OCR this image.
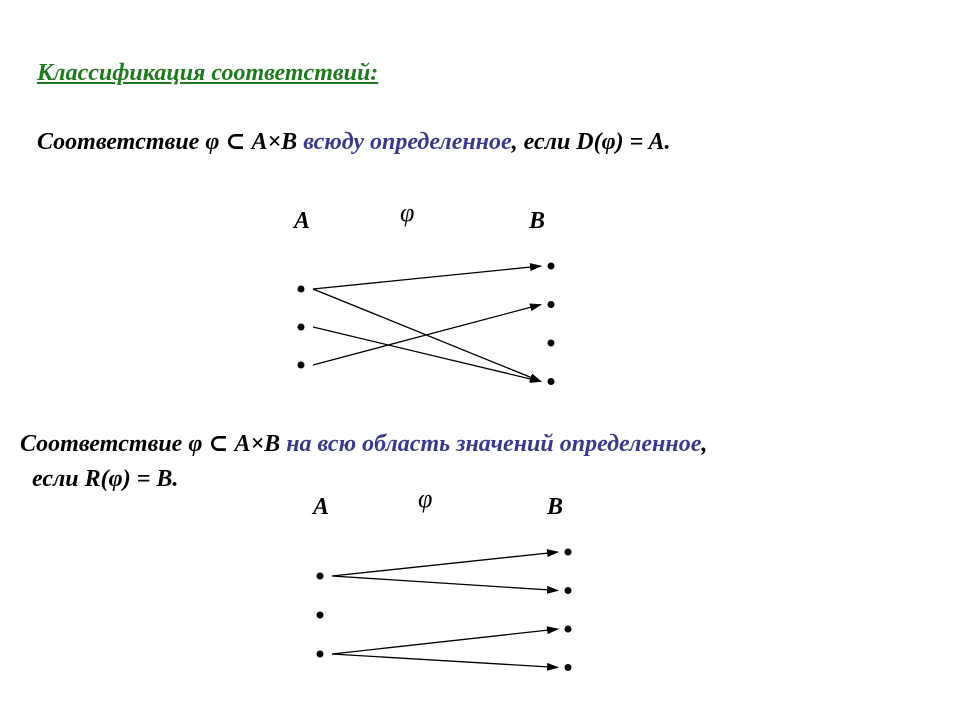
Классификация соответствий:

Соответствие φ ⊂ A×B всюду определенное, если D(φ) = A.

Соответствие φ ⊂ A×B на всю область значений определенное,

если R(φ) = B.

A	φ	B

A	φ	B
